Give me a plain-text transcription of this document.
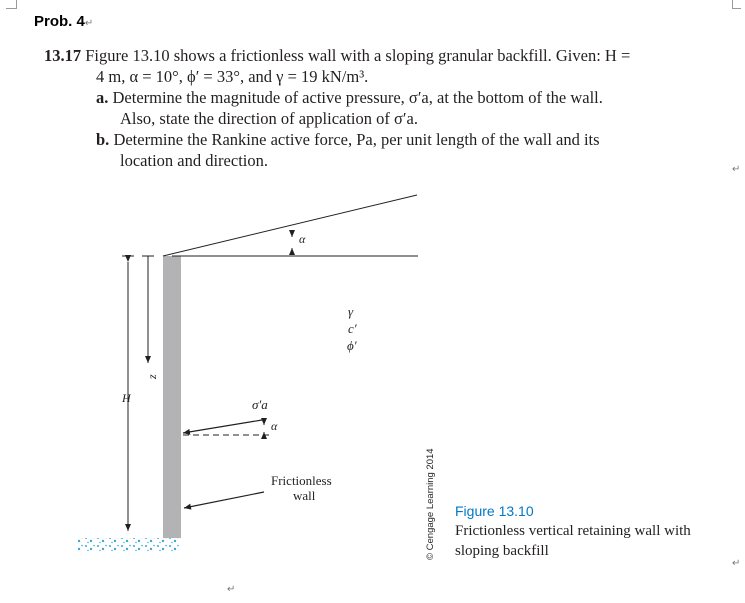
Prob. 4↵
13.17 Figure 13.10 shows a frictionless wall with a sloping granular backfill. Given: H =
4 m, α = 10°, ϕ′ = 33°, and γ = 19 kN/m³.
a. Determine the magnitude of active pressure, σ′a, at the bottom of the wall.
Also, state the direction of application of σ′a.
b. Determine the Rankine active force, Pa, per unit length of the wall and its
location and direction.	↵
↵
↵
α
γ
c′
ϕ′
H
z
σ′a
α
Frictionless
wall	© Cengage Learning 2014 Figure 13.10
Frictionless vertical retaining wall with
sloping backfill
